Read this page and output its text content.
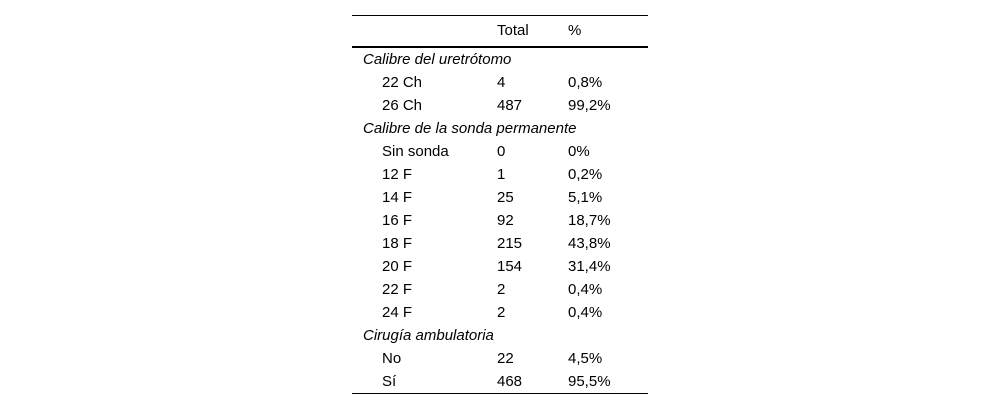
	Total	%
Calibre del uretrótomo		
22 Ch	4	0,8%
26 Ch	487	99,2%
Calibre de la sonda permanente		
Sin sonda	0	0%
12 F	1	0,2%
14 F	25	5,1%
16 F	92	18,7%
18 F	215	43,8%
20 F	154	31,4%
22 F	2	0,4%
24 F	2	0,4%
Cirugía ambulatoria		
No	22	4,5%
Sí	468	95,5%
